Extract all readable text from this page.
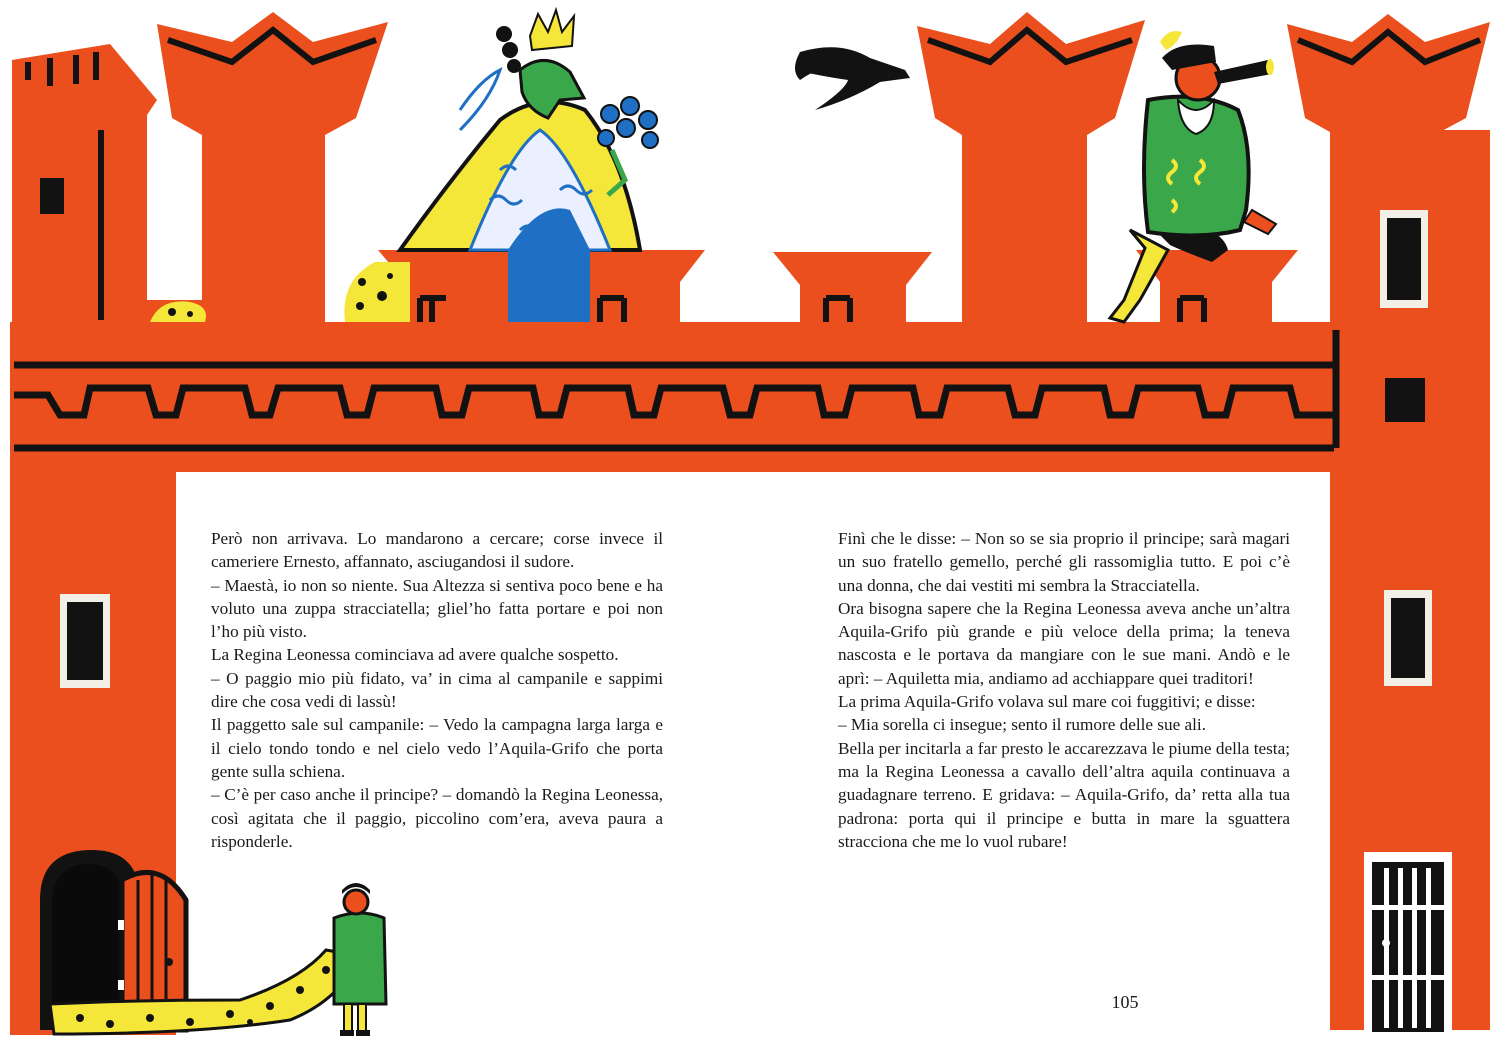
Però non arrivava. Lo mandarono a cercare; corse invece il cameriere Ernesto, affannato, asciugandosi il sudore.

– Maestà, io non so niente. Sua Altezza si sentiva poco bene e ha voluto una zuppa stracciatella; gliel’ho fatta portare e poi non l’ho più visto.

La Regina Leonessa cominciava ad avere qualche sospetto.

– O paggio mio più fidato, va’ in cima al campanile e sappimi dire che cosa vedi di lassù!

Il paggetto sale sul campanile: – Vedo la campagna larga larga e il cielo tondo tondo e nel cielo vedo l’Aquila-Grifo che porta gente sulla schiena.

– C’è per caso anche il principe? – domandò la Regina Leonessa, così agitata che il paggio, piccolino com’era, aveva paura a risponderle.

Finì che le disse: – Non so se sia proprio il principe; sarà magari un suo fratello gemello, perché gli rassomiglia tutto. E poi c’è una donna, che dai vestiti mi sembra la Stracciatella.

Ora bisogna sapere che la Regina Leonessa aveva anche un’altra Aquila-Grifo più grande e più veloce della prima; la teneva nascosta e le portava da mangiare con le sue mani. Andò e le aprì: – Aquiletta mia, andiamo ad acchiappare quei traditori!

La prima Aquila-Grifo volava sul mare coi fuggitivi; e disse:

– Mia sorella ci insegue; sento il rumore delle sue ali.

Bella per incitarla a far presto le accarezzava le piume della testa; ma la Regina Leonessa a cavallo dell’altra aquila continuava a guadagnare terreno. E gridava: – Aquila-Grifo, da’ retta alla tua padrona: porta qui il principe e butta in mare la sguattera stracciona che me lo vuol rubare!

105
